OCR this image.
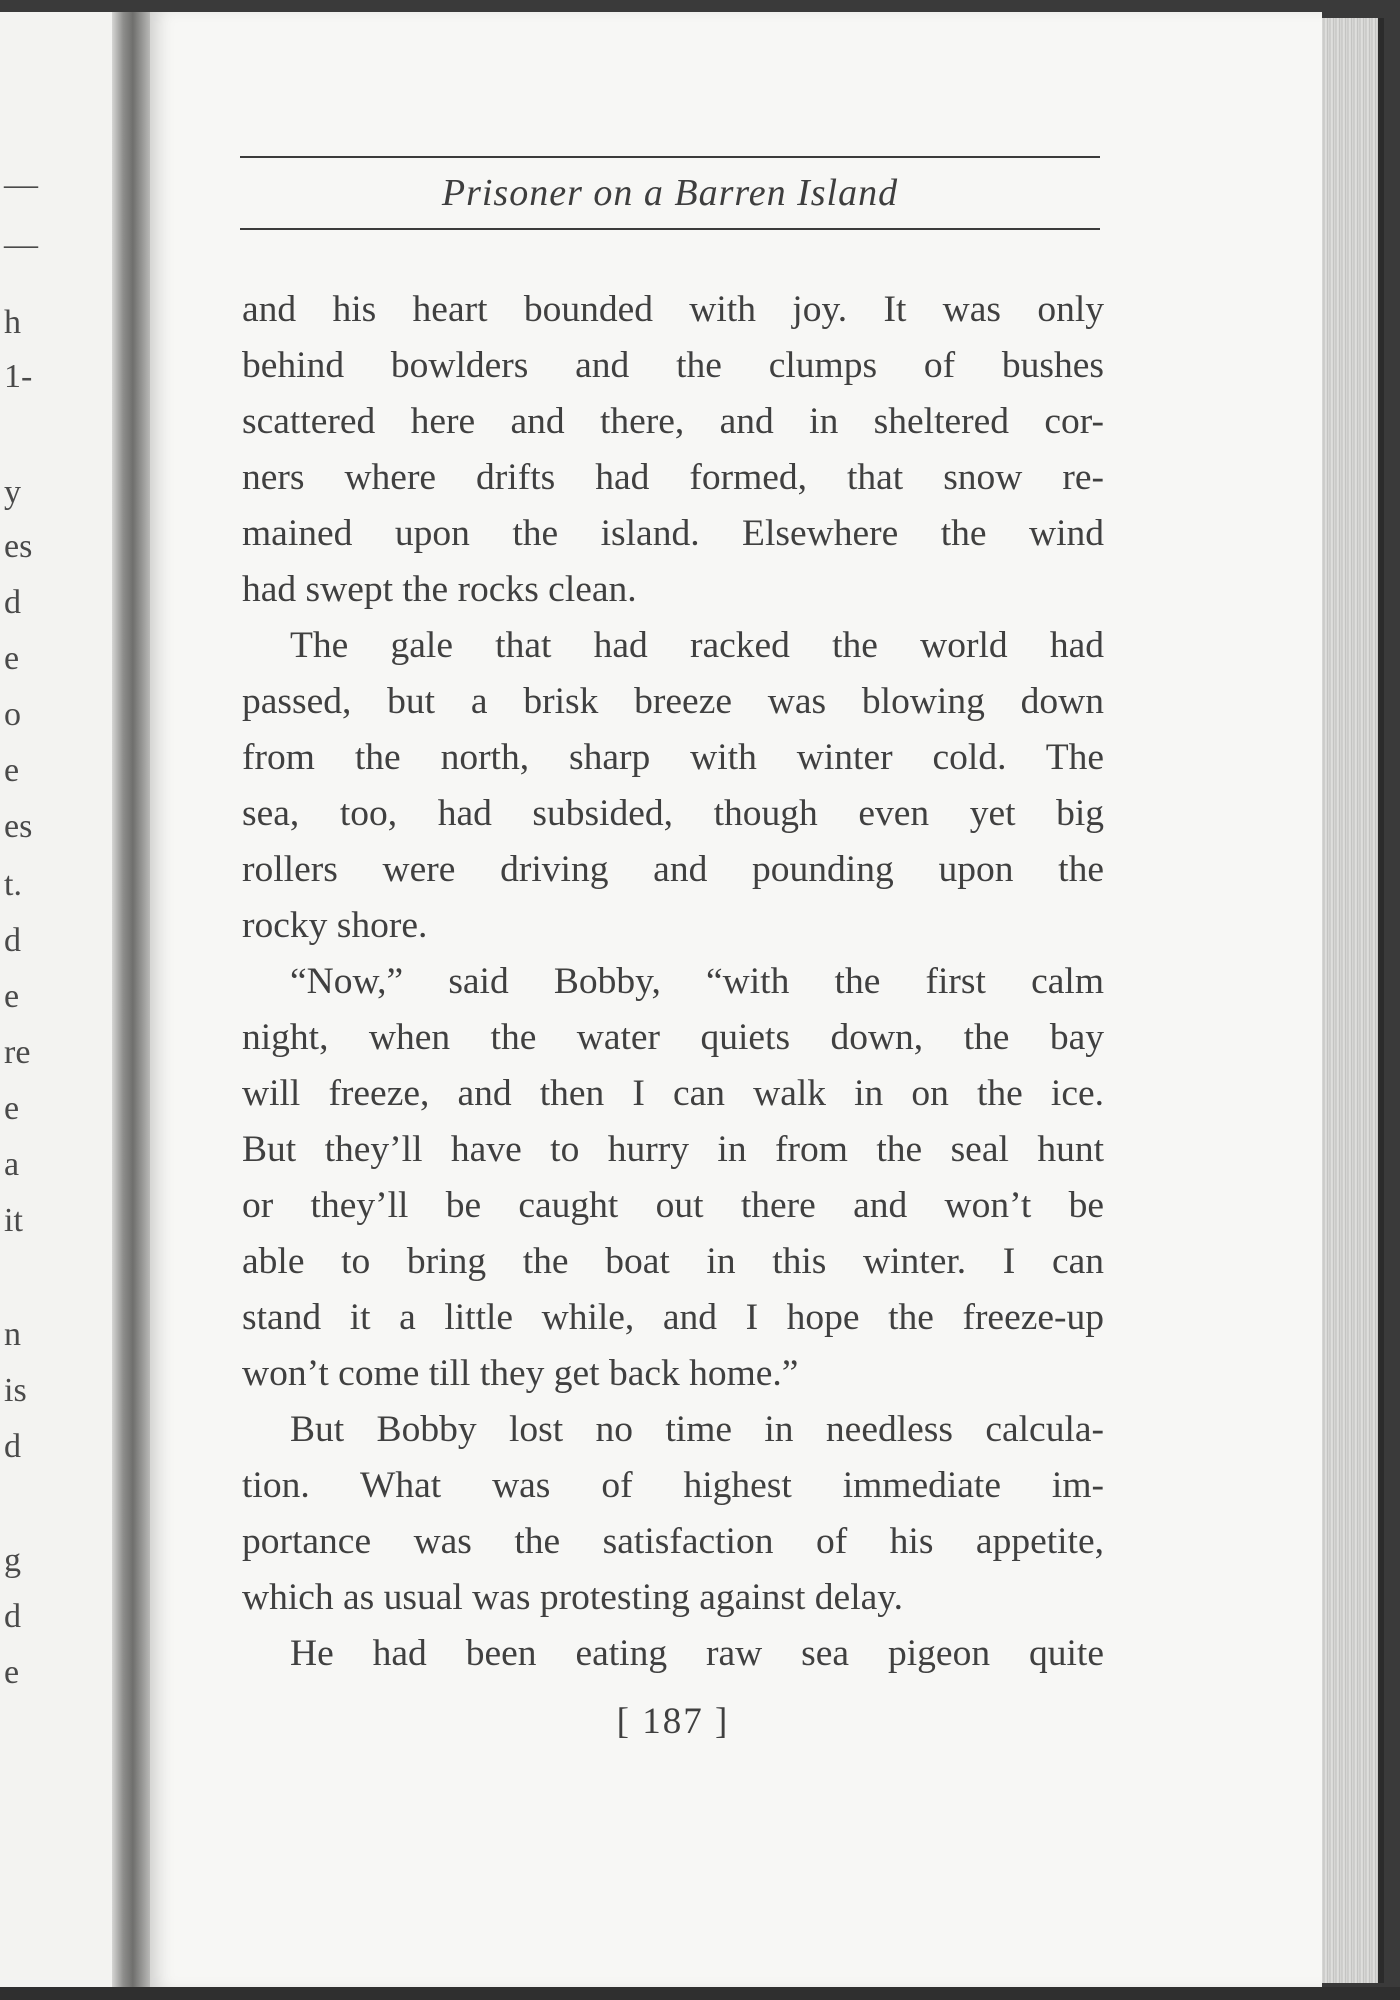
—
—
h
1-
y
es
d
e
o
e
es
t.
d
e
re
e
a
it
n
is
d
g
d
e
Prisoner on a Barren Island
and his heart bounded with joy. It was only
behind bowlders and the clumps of bushes
scattered here and there, and in sheltered cor-
ners where drifts had formed, that snow re-
mained upon the island. Elsewhere the wind
had swept the rocks clean.
The gale that had racked the world had
passed, but a brisk breeze was blowing down
from the north, sharp with winter cold. The
sea, too, had subsided, though even yet big
rollers were driving and pounding upon the
rocky shore.
“Now,” said Bobby, “with the first calm
night, when the water quiets down, the bay
will freeze, and then I can walk in on the ice.
But they’ll have to hurry in from the seal hunt
or they’ll be caught out there and won’t be
able to bring the boat in this winter. I can
stand it a little while, and I hope the freeze-up
won’t come till they get back home.”
But Bobby lost no time in needless calcula-
tion. What was of highest immediate im-
portance was the satisfaction of his appetite,
which as usual was protesting against delay.
He had been eating raw sea pigeon quite
[ 187 ]
